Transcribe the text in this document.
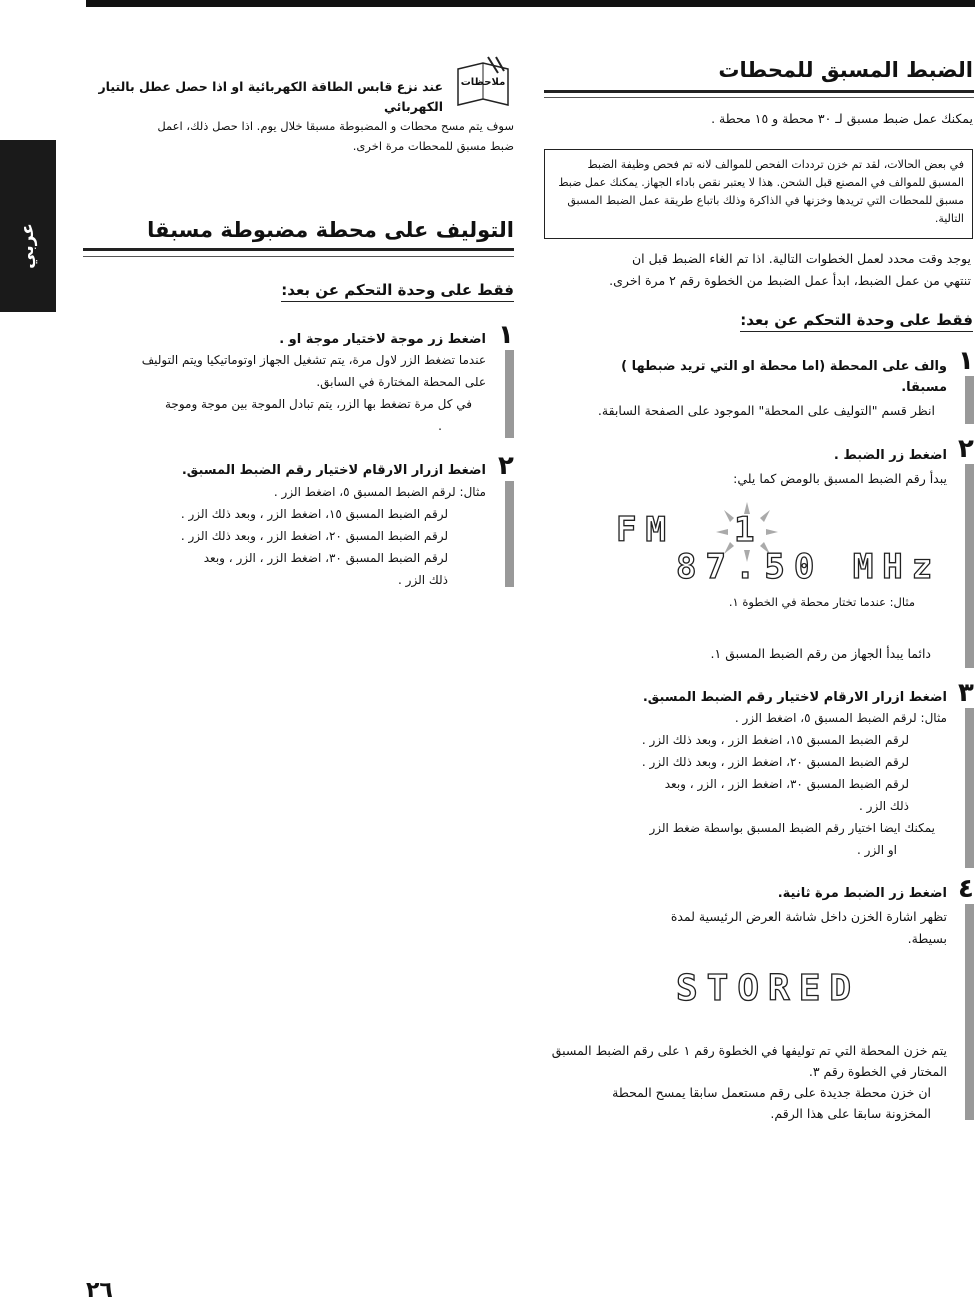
عربي
الضبط المسبق للمحطات
يمكنك عمل ضبط مسبق لـ ٣٠ محطة و ١٥ محطة .
في بعض الحالات، لقد تم خزن ترددات الفحص للموالف لانه تم فحص وظيفة الضبط المسبق للموالف في المصنع قبل الشحن. هذا لا يعتبر نقص باداء الجهاز. يمكنك عمل ضبط مسبق للمحطات التي تريدها وخزنها في الذاكرة وذلك باتباع طريقة عمل الضبط المسبق التالية.
يوجد وقت محدد لعمل الخطوات التالية. اذا تم الغاء الضبط قبل ان
تنتهي من عمل الضبط، ابدأ عمل الضبط من الخطوة رقم ٢ مرة اخرى.
فقط على وحدة التحكم عن بعد:
١
والف على المحطة (اما محطة او التي تريد ضبطها )
مسبقا.
انظر قسم "التوليف على المحطة" الموجود على الصفحة السابقة.
٢
اضغط زر الضبط .
يبدأ رقم الضبط المسبق بالومض كما يلي:
FM 1
87.50 MHz
مثال: عندما تختار محطة في الخطوة ١.
دائما يبدأ الجهاز من رقم الضبط المسبق ١.
٣
اضغط ازرار الارقام لاختيار رقم الضبط المسبق.
مثال: لرقم الضبط المسبق ٥، اضغط الزر .
لرقم الضبط المسبق ١٥، اضغط الزر ، وبعد ذلك الزر .
لرقم الضبط المسبق ٢٠، اضغط الزر ، وبعد ذلك الزر .
لرقم الضبط المسبق ٣٠، اضغط الزر ، الزر ، وبعد
ذلك الزر .
يمكنك ايضا اختيار رقم الضبط المسبق بواسطة ضغط الزر
او الزر .
٤
اضغط زر الضبط مرة ثانية.
تظهر اشارة الخزن داخل شاشة العرض الرئيسية لمدة
بسيطة.
STORED
يتم خزن المحطة التي تم توليفها في الخطوة رقم ١ على رقم الضبط المسبق
المختار في الخطوة رقم ٣.
ان خزن محطة جديدة على رقم مستعمل سابقا يمسح المحطة
المخزونة سابقا على هذا الرقم.
ملاحظات
عند نزع قابس الطاقة الكهربائية او اذا حصل عطل بالتيار
الكهربائي
سوف يتم مسح محطات و المضبوطة مسبقا خلال يوم. اذا حصل ذلك، اعمل
ضبط مسبق للمحطات مرة اخرى.
التوليف على محطة مضبوطة مسبقا
فقط على وحدة التحكم عن بعد:
١
اضغط زر موجة لاختيار موجة او .
عندما تضغط الزر لاول مرة، يتم تشغيل الجهاز اوتوماتيكيا ويتم التوليف
على المحطة المختارة في السابق.
في كل مرة تضغط بها الزر، يتم تبادل الموجة بين موجة وموجة
.
٢
اضغط ازرار الارقام لاختيار رقم الضبط المسبق.
مثال: لرقم الضبط المسبق ٥، اضغط الزر .
لرقم الضبط المسبق ١٥، اضغط الزر ، وبعد ذلك الزر .
لرقم الضبط المسبق ٢٠، اضغط الزر ، وبعد ذلك الزر .
لرقم الضبط المسبق ٣٠، اضغط الزر ، الزر ، وبعد
ذلك الزر .
٢٦
